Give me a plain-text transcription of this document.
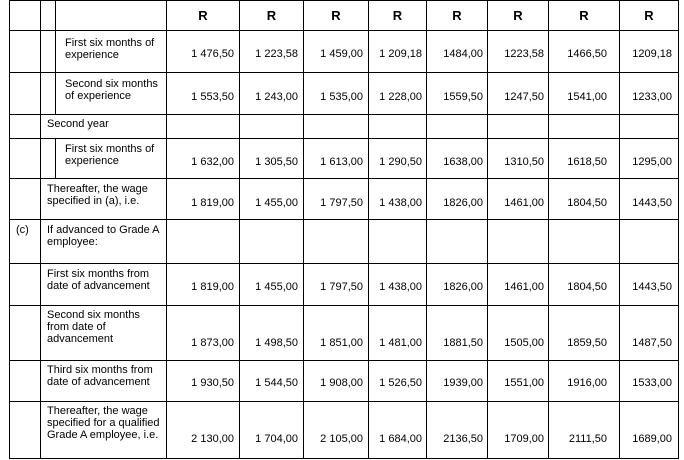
R	R	R	R	R	R	R	R
First six months of
experience	1 476,50	1 223,58	1 459,00	1 209,18	1484,00	1223,58	1466,50	1209,18
Second six months
of experience	1 553,50	1 243,00	1 535,00	1 228,00	1559,50	1247,50	1541,00	1233,00
Second year
First six months of
experience	1 632,00	1 305,50	1 613,00	1 290,50	1638,00	1310,50	1618,50	1295,00
Thereafter, the wage
specified in (a), i.e.	1 819,00	1 455,00	1 797,50	1 438,00	1826,00	1461,00	1804,50	1443,50
(c) If advanced to Grade A
employee:
First six months from
date of advancement	1 819,00	1 455,00	1 797,50	1 438,00	1826,00	1461,00	1804,50	1443,50
Second six months
from date of
advancement	1 873,00	1 498,50	1 851,00	1 481,00	1881,50	1505,00	1859,50	1487,50
Third six months from
date of advancement	1 930,50	1 544,50	1 908,00	1 526,50	1939,00	1551,00	1916,00	1533,00
Thereafter, the wage
specified for a qualified
Grade A employee, i.e.	2 130,00	1 704,00	2 105,00	1 684,00	2136,50	1709,00	2111,50	1689,00
